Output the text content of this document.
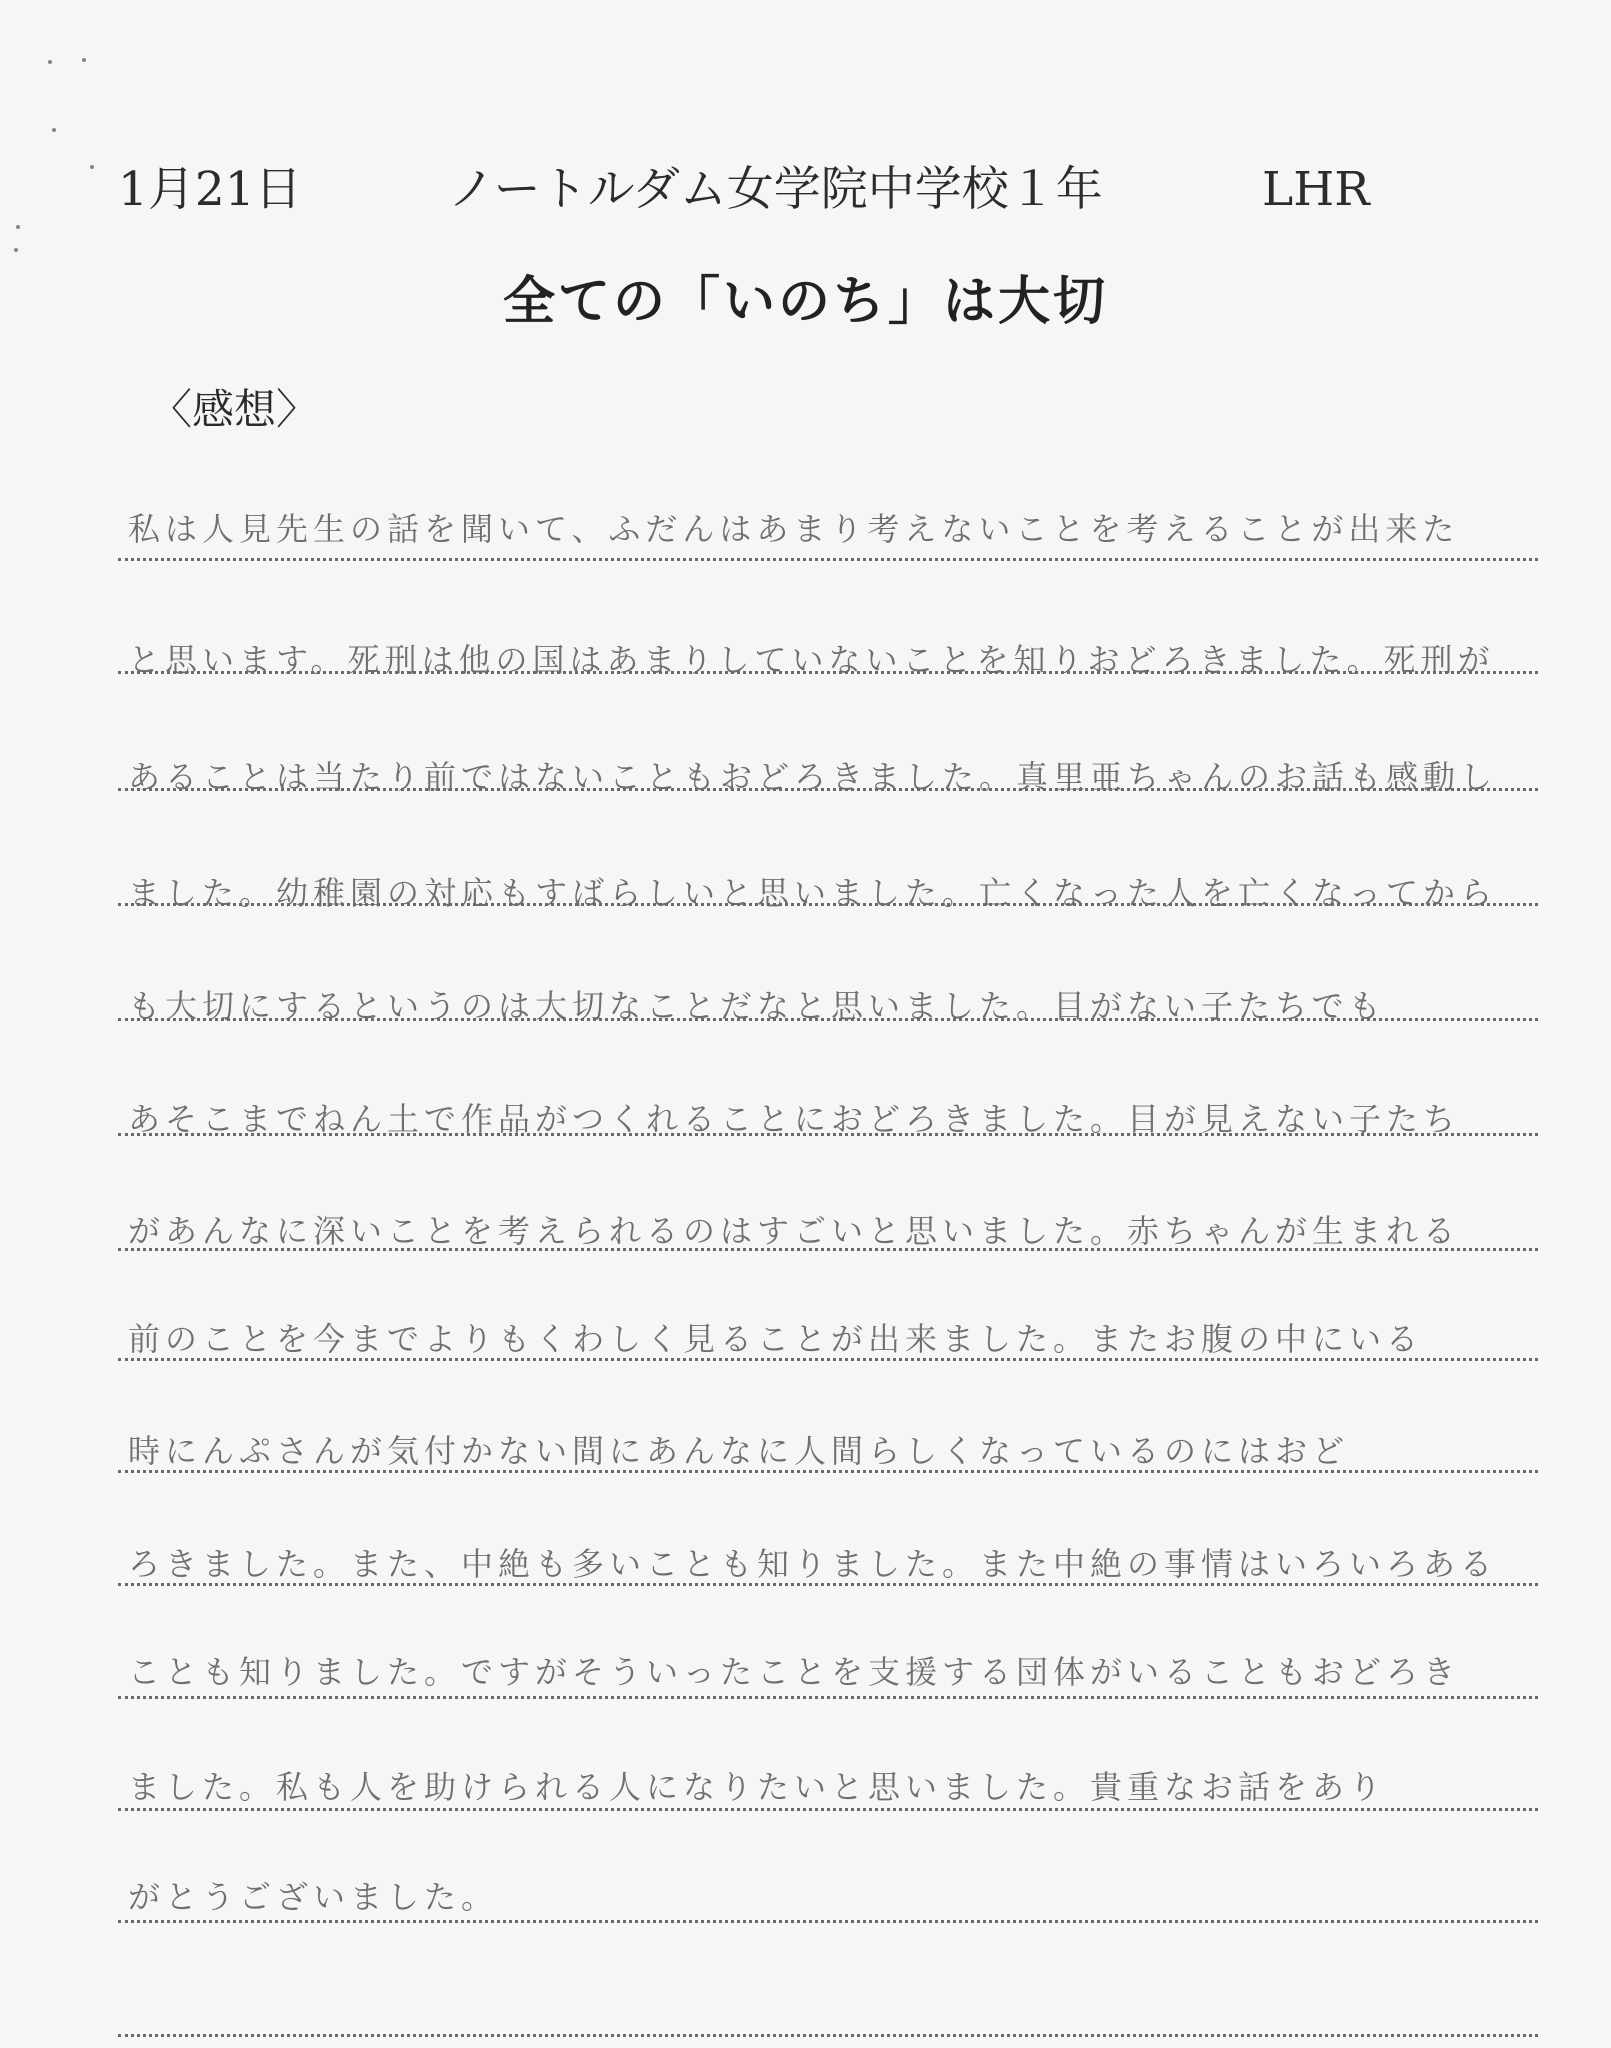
1月21日	ノートルダム女学院中学校１年	LHR
全ての「いのち」は大切
〈感想〉
私は人見先生の話を聞いて、ふだんはあまり考えないことを考えることが出来た
と思います。死刑は他の国はあまりしていないことを知りおどろきました。死刑が
あることは当たり前ではないこともおどろきました。真里亜ちゃんのお話も感動し
ました。幼稚園の対応もすばらしいと思いました。亡くなった人を亡くなってから
も大切にするというのは大切なことだなと思いました。目がない子たちでも
あそこまでねん土で作品がつくれることにおどろきました。目が見えない子たち
があんなに深いことを考えられるのはすごいと思いました。赤ちゃんが生まれる
前のことを今までよりもくわしく見ることが出来ました。またお腹の中にいる
時にんぷさんが気付かない間にあんなに人間らしくなっているのにはおど
ろきました。また、中絶も多いことも知りました。また中絶の事情はいろいろある
ことも知りました。ですがそういったことを支援する団体がいることもおどろき
ました。私も人を助けられる人になりたいと思いました。貴重なお話をあり
がとうございました。
